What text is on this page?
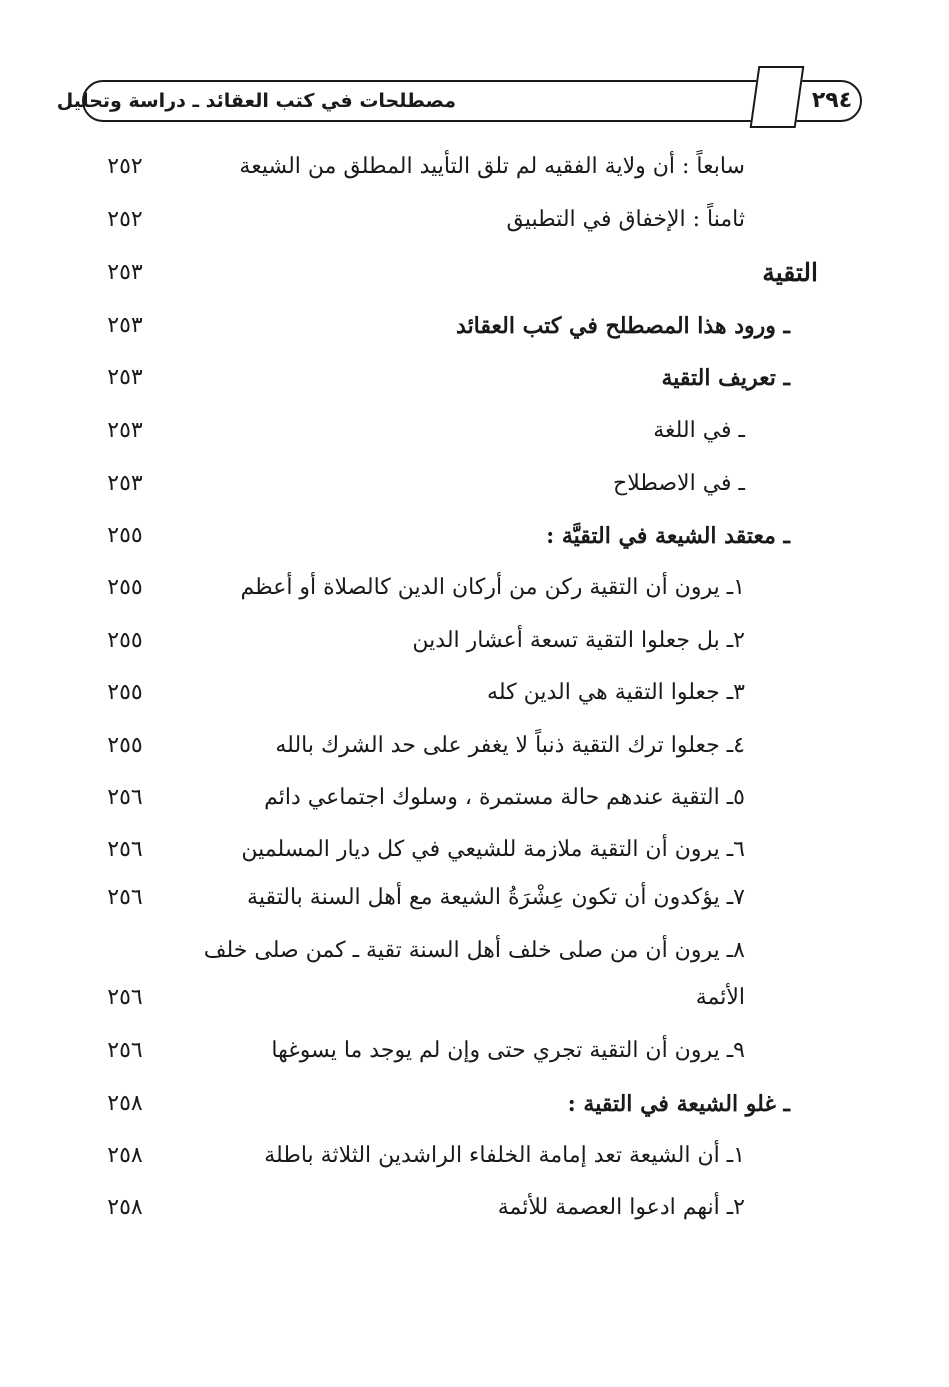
مصطلحات في كتب العقائد ـ دراسة وتحليل	٢٩٤
٢٥٢	سابعاً : أن ولاية الفقيه لم تلق التأييد المطلق من الشيعة
٢٥٢	ثامناً : الإخفاق في التطبيق
٢٥٣	التقية
٢٥٣	ـ ورود هذا المصطلح في كتب العقائد
٢٥٣	ـ تعريف التقية
٢٥٣	ـ في اللغة
٢٥٣	ـ في الاصطلاح
٢٥٥	ـ معتقد الشيعة في التقيَّة :
٢٥٥	١ـ يرون أن التقية ركن من أركان الدين كالصلاة أو أعظم
٢٥٥	٢ـ بل جعلوا التقية تسعة أعشار الدين
٢٥٥	٣ـ جعلوا التقية هي الدين كله
٢٥٥	٤ـ جعلوا ترك التقية ذنباً لا يغفر على حد الشرك بالله
٢٥٦	٥ـ التقية عندهم حالة مستمرة ، وسلوك اجتماعي دائم
٢٥٦	٦ـ يرون أن التقية ملازمة للشيعي في كل ديار المسلمين
٢٥٦	٧ـ يؤكدون أن تكون عِشْرَةُ الشيعة مع أهل السنة بالتقية
٨ـ يرون أن من صلى خلف أهل السنة تقية ـ كمن صلى خلف
٢٥٦	الأئمة
٢٥٦	٩ـ يرون أن التقية تجري حتى وإن لم يوجد ما يسوغها
٢٥٨	ـ غلو الشيعة في التقية :
٢٥٨	١ـ أن الشيعة تعد إمامة الخلفاء الراشدين الثلاثة باطلة
٢٥٨	٢ـ أنهم ادعوا العصمة للأئمة
